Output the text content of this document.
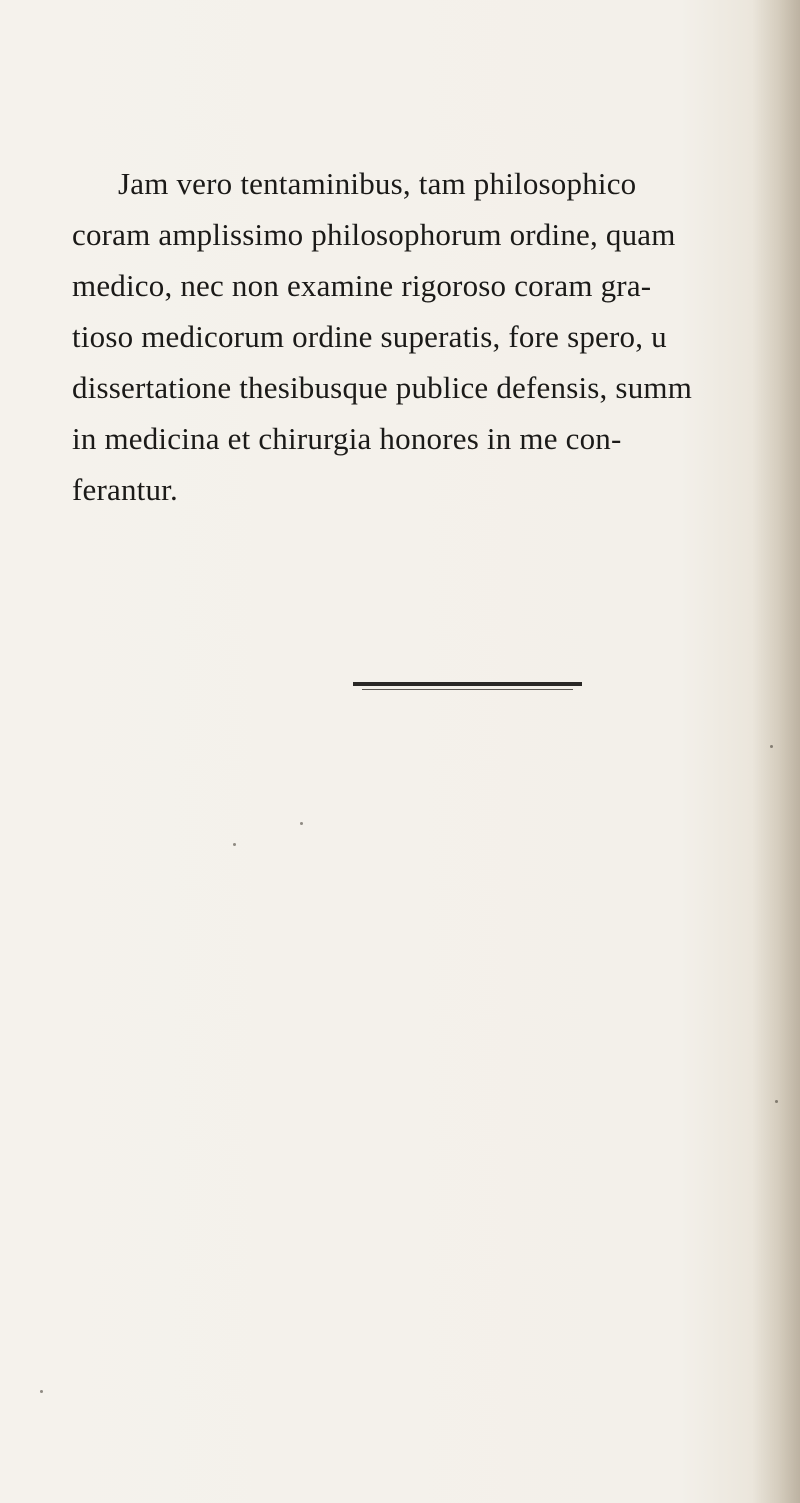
Jam vero tentaminibus, tam philosophico
coram amplissimo philosophorum ordine, quam
medico, nec non examine rigoroso coram gra-
tioso medicorum ordine superatis, fore spero, u
dissertatione thesibusque publice defensis, summ
in medicina et chirurgia honores in me con-
ferantur.
